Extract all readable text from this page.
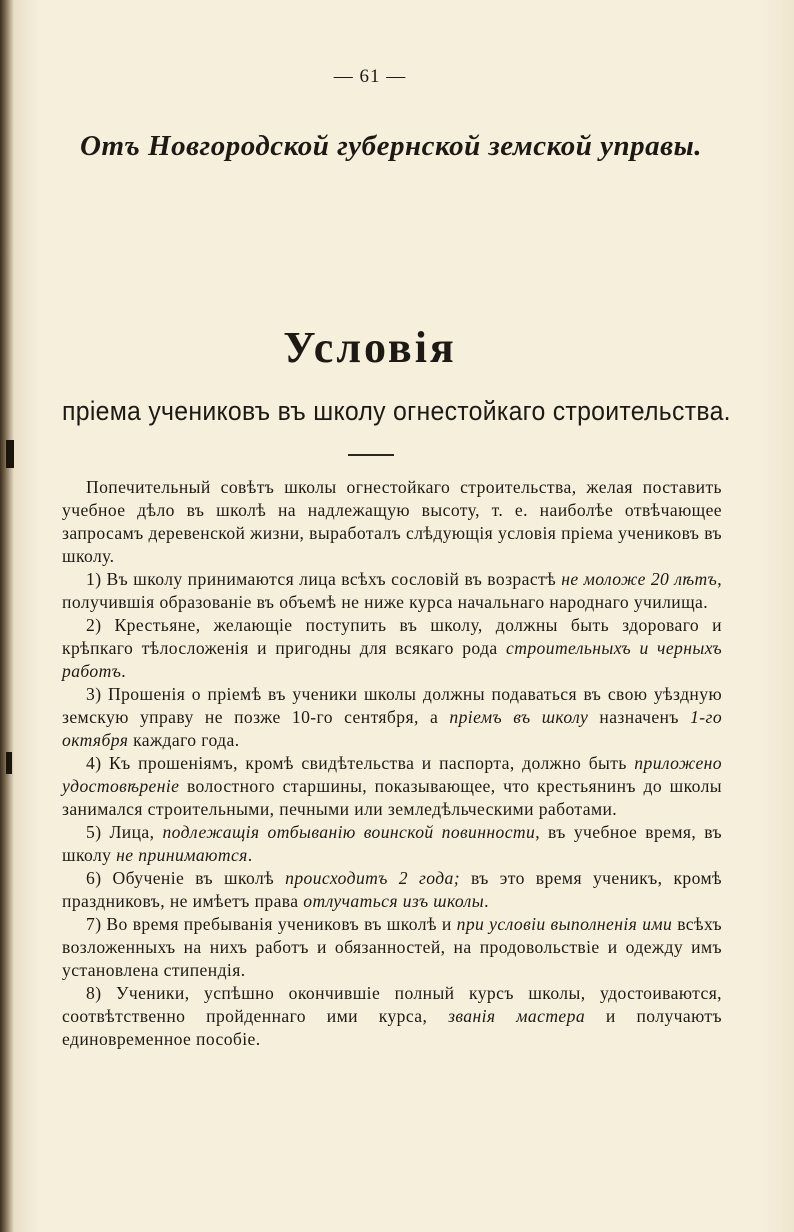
— 61 —
Отъ Новгородской губернской земской управы.
Условія
пріема учениковъ въ школу огнестойкаго строительства.

Попечительный совѣтъ школы огнестойкаго строительства, желая поставить учебное дѣло въ школѣ на надлежащую высоту, т. е. наиболѣе отвѣчающее запросамъ деревенской жизни, выработалъ слѣдующія условія пріема учениковъ въ школу.

1) Въ школу принимаются лица всѣхъ сословій въ возрастѣ не моложе 20 лѣтъ, получившія образованіе въ объемѣ не ниже курса начальнаго народнаго училища.

2) Крестьяне, желающіе поступить въ школу, должны быть здороваго и крѣпкаго тѣлосложенія и пригодны для всякаго рода строительныхъ и черныхъ работъ.

3) Прошенія о пріемѣ въ ученики школы должны подаваться въ свою уѣздную земскую управу не позже 10-го сентября, а пріемъ въ школу назначенъ 1-го октября каждаго года.

4) Къ прошеніямъ, кромѣ свидѣтельства и паспорта, должно быть приложено удостовѣреніе волостного старшины, показывающее, что крестьянинъ до школы занимался строительными, печными или земледѣльческими работами.

5) Лица, подлежащія отбыванію воинской повинности, въ учебное время, въ школу не принимаются.

6) Обученіе въ школѣ происходитъ 2 года; въ это время ученикъ, кромѣ праздниковъ, не имѣетъ права отлучаться изъ школы.

7) Во время пребыванія учениковъ въ школѣ и при условіи выполненія ими всѣхъ возложенныхъ на нихъ работъ и обязанностей, на продовольствіе и одежду имъ установлена стипендія.

8) Ученики, успѣшно окончившіе полный курсъ школы, удостоиваются, соотвѣтственно пройденнаго ими курса, званія мастера и получаютъ единовременное пособіе.
